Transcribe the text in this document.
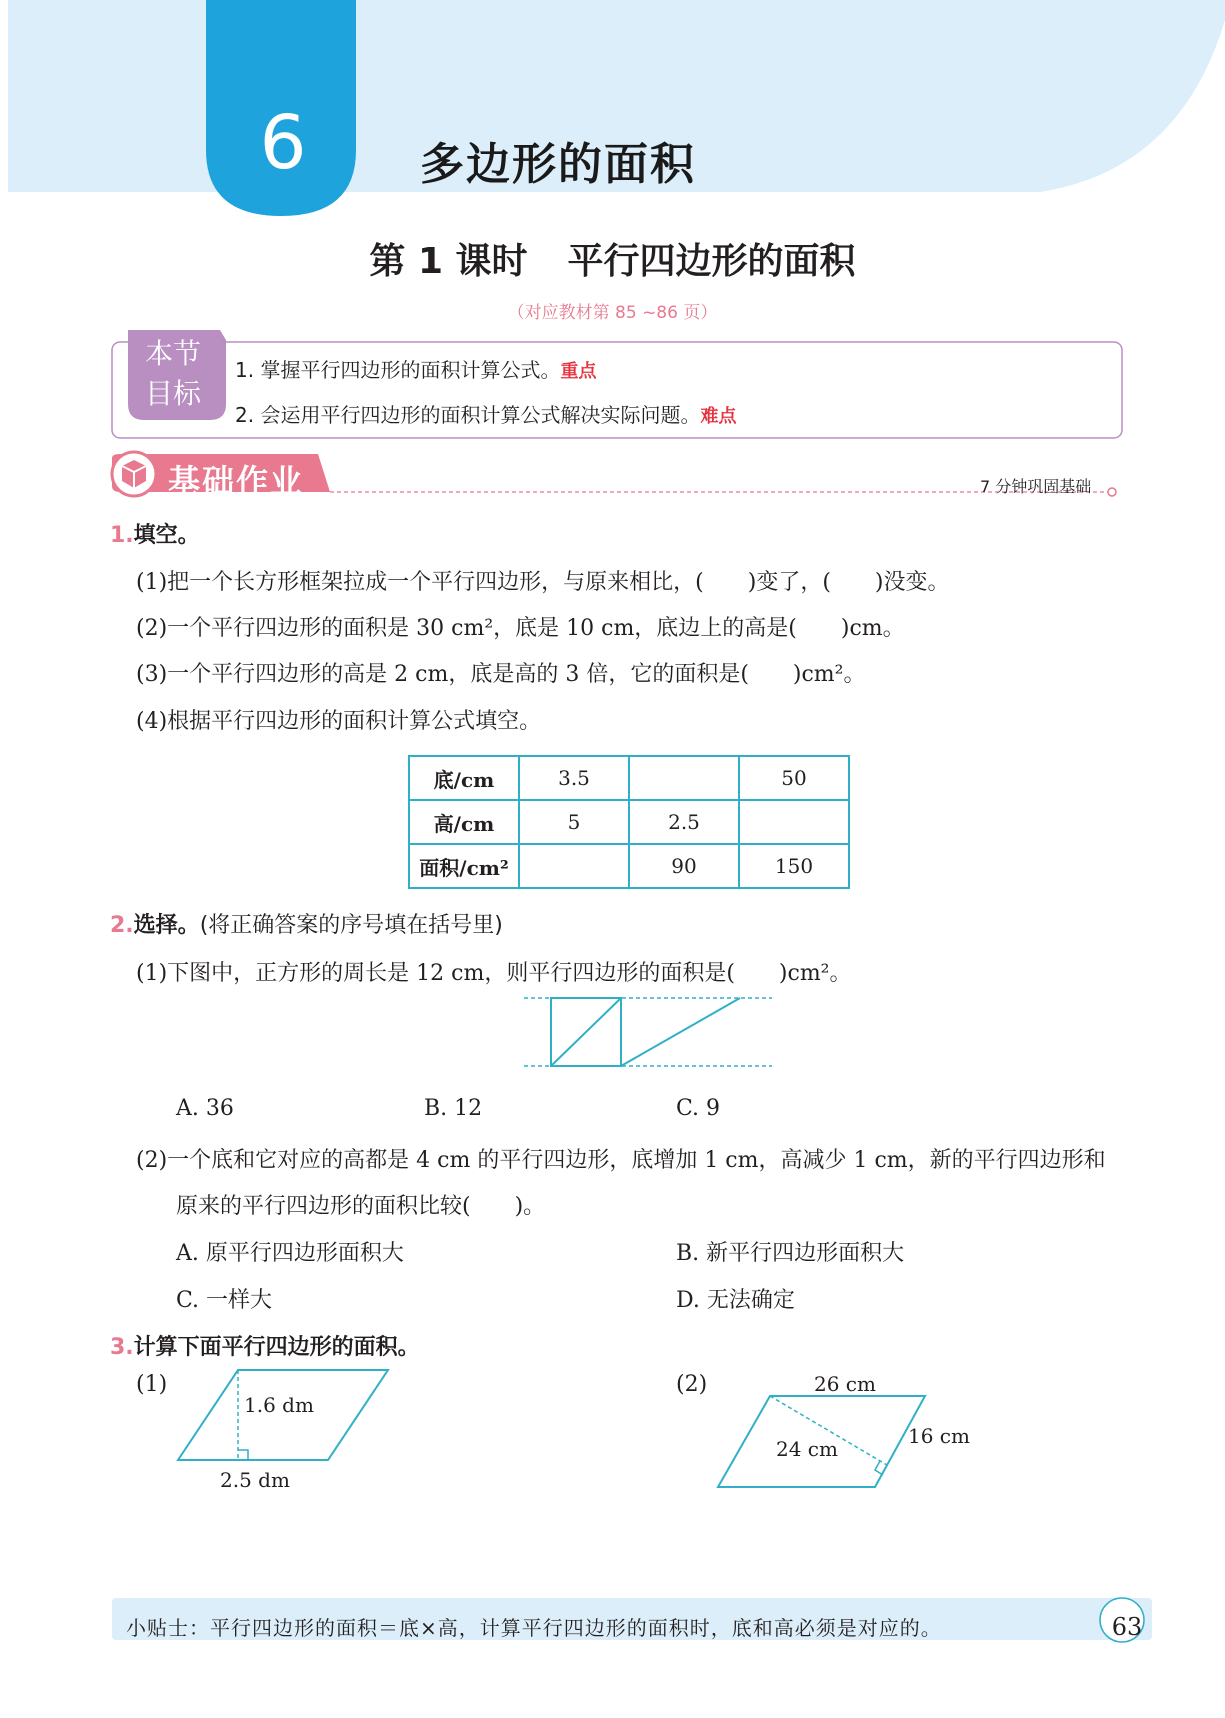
6	多边形的面积
第 1 课时 平行四边形的面积
（对应教材第 85 ~86 页）
本节
目标
1. 掌握平行四边形的面积计算公式。重点
2. 会运用平行四边形的面积计算公式解决实际问题。难点
基础作业	7 分钟巩固基础
1.填空。
(1)把一个长方形框架拉成一个平行四边形，与原来相比，(　　)变了，(　　)没变。
(2)一个平行四边形的面积是 30 cm²，底是 10 cm，底边上的高是(　　)cm。
(3)一个平行四边形的高是 2 cm，底是高的 3 倍，它的面积是(　　)cm²。
(4)根据平行四边形的面积计算公式填空。
底/cm	3.5		50
高/cm	5	2.5	
面积/cm²		90	150
2.选择。(将正确答案的序号填在括号里)
(1)下图中，正方形的周长是 12 cm，则平行四边形的面积是(　　)cm²。
A. 36	B. 12	C. 9
(2)一个底和它对应的高都是 4 cm 的平行四边形，底增加 1 cm，高减少 1 cm，新的平行四边形和
原来的平行四边形的面积比较(　　)。
A. 原平行四边形面积大	B. 新平行四边形面积大
C. 一样大	D. 无法确定
3.计算下面平行四边形的面积。
(1)
1.6 dm
2.5 dm
(2)	26 cm
16 cm
24 cm
小贴士：平行四边形的面积＝底×高，计算平行四边形的面积时，底和高必须是对应的。	63
